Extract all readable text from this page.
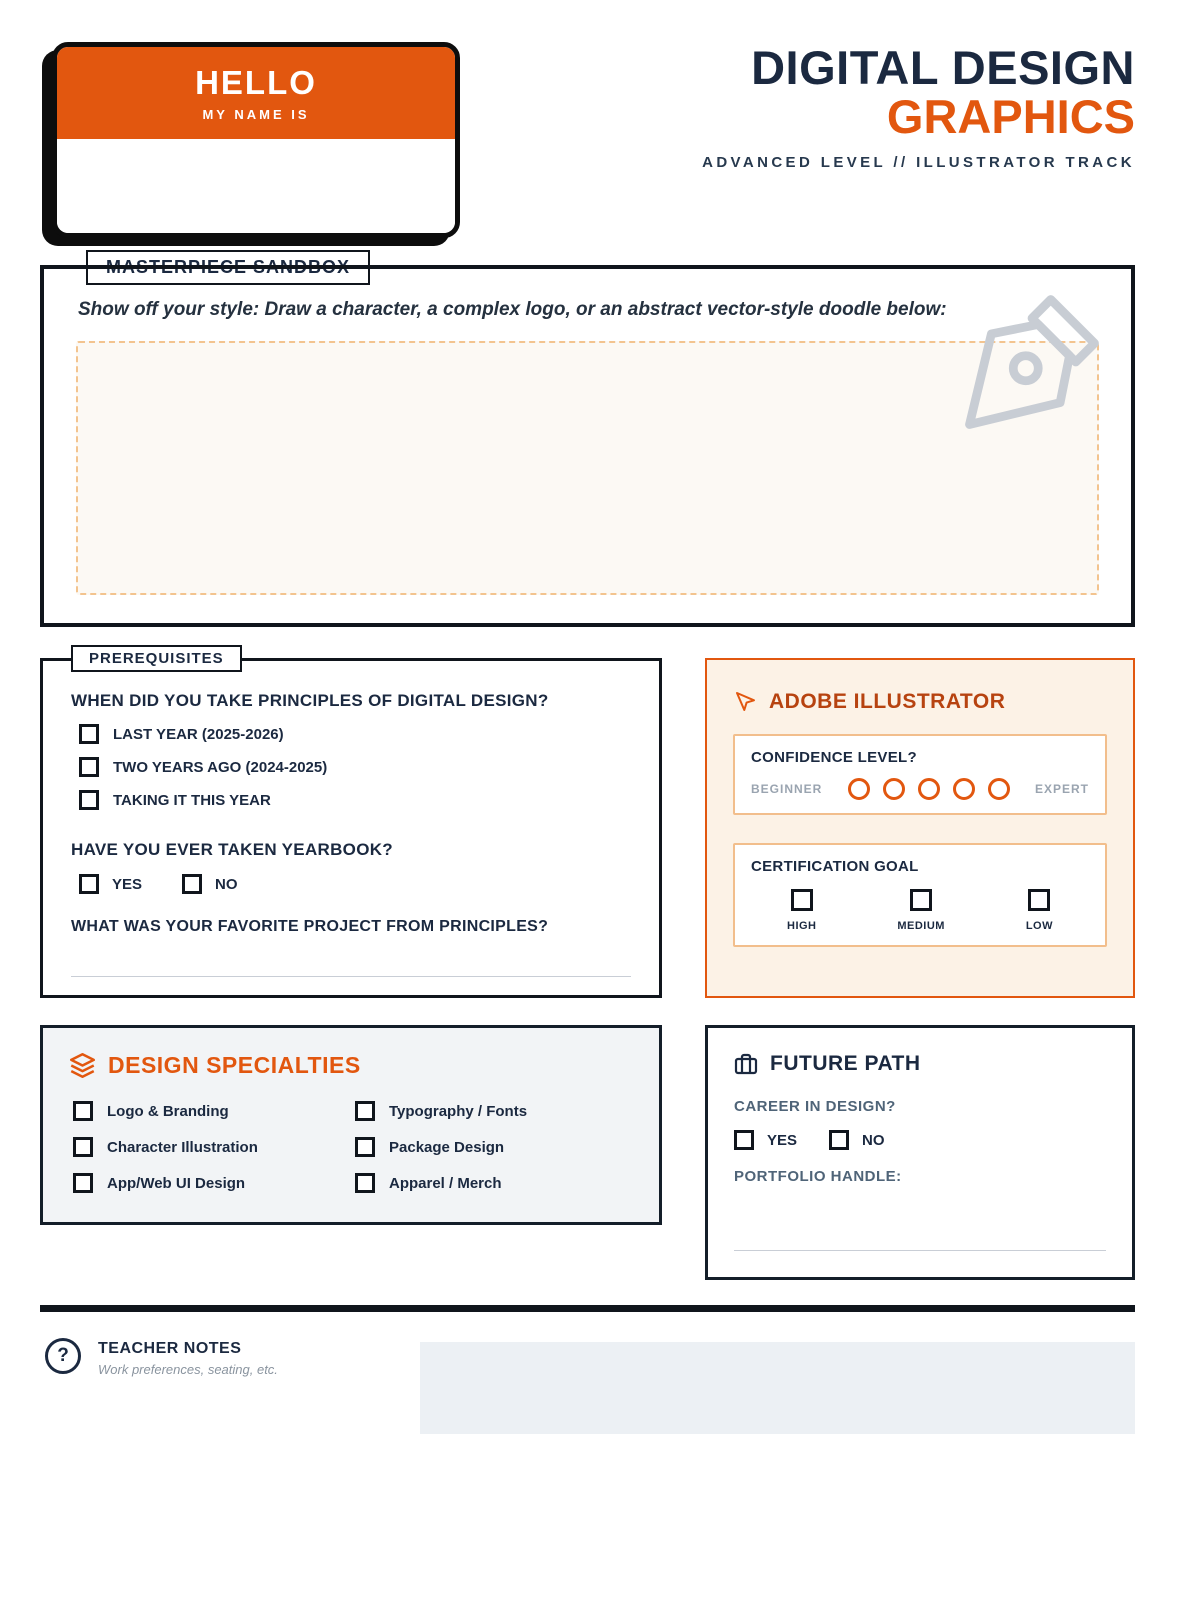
HELLO
MY NAME IS
DIGITAL DESIGN
GRAPHICS
ADVANCED LEVEL // ILLUSTRATOR TRACK
Show off your style: Draw a character, a complex logo, or an abstract vector-style doodle below:
PREREQUISITES
WHEN DID YOU TAKE PRINCIPLES OF DIGITAL DESIGN?
LAST YEAR (2025-2026)
TWO YEARS AGO (2024-2025)
TAKING IT THIS YEAR
HAVE YOU EVER TAKEN YEARBOOK?
YES	NO
WHAT WAS YOUR FAVORITE PROJECT FROM PRINCIPLES?
ADOBE ILLUSTRATOR
CONFIDENCE LEVEL?
BEGINNER	EXPERT
CERTIFICATION GOAL
HIGH	MEDIUM	LOW
DESIGN SPECIALTIES
Logo & Branding	Typography / Fonts
Character Illustration	Package Design
App/Web UI Design	Apparel / Merch
FUTURE PATH
CAREER IN DESIGN?
YES	NO
PORTFOLIO HANDLE:
?	TEACHER NOTES
Work preferences, seating, etc.
